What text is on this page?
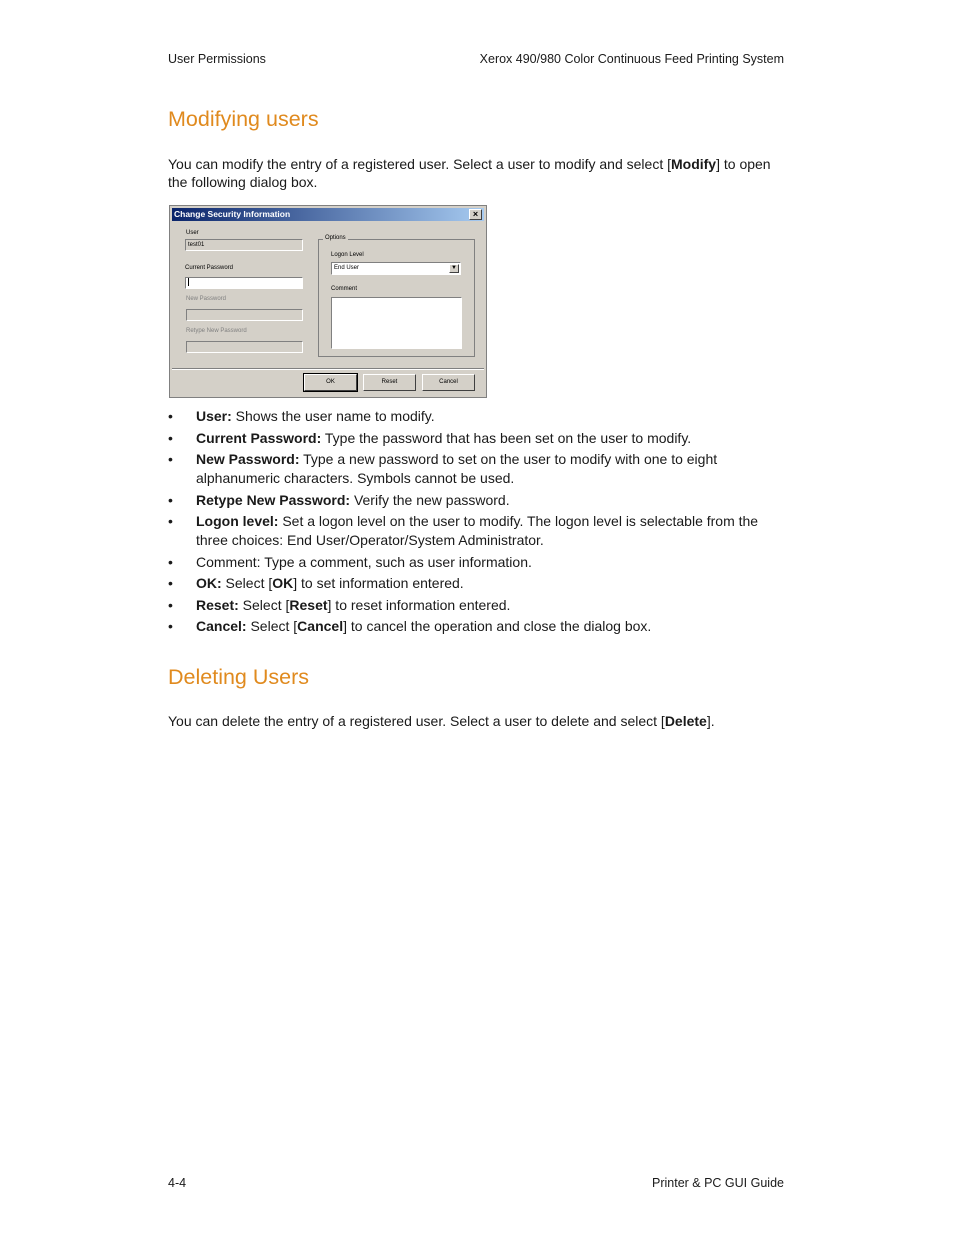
User Permissions	Xerox 490/980 Color Continuous Feed Printing System
Modifying users

You can modify the entry of a registered user. Select a user to modify and select [Modify] to open the following dialog box.

Change Security Information	×
User
test01
Current Password
New Password
Retype New Password
Options
Logon Level
End User	▼
Comment
OK	Reset	Cancel
• User: Shows the user name to modify.
• Current Password: Type the password that has been set on the user to modify.
• New Password: Type a new password to set on the user to modify with one to eight alphanumeric characters. Symbols cannot be used.
• Retype New Password: Verify the new password.
• Logon level: Set a logon level on the user to modify. The logon level is selectable from the three choices: End User/Operator/System Administrator.
• Comment: Type a comment, such as user information.
• OK: Select [OK] to set information entered.
• Reset: Select [Reset] to reset information entered.
• Cancel: Select [Cancel] to cancel the operation and close the dialog box.
Deleting Users

You can delete the entry of a registered user. Select a user to delete and select [Delete].

4-4	Printer & PC GUI Guide
